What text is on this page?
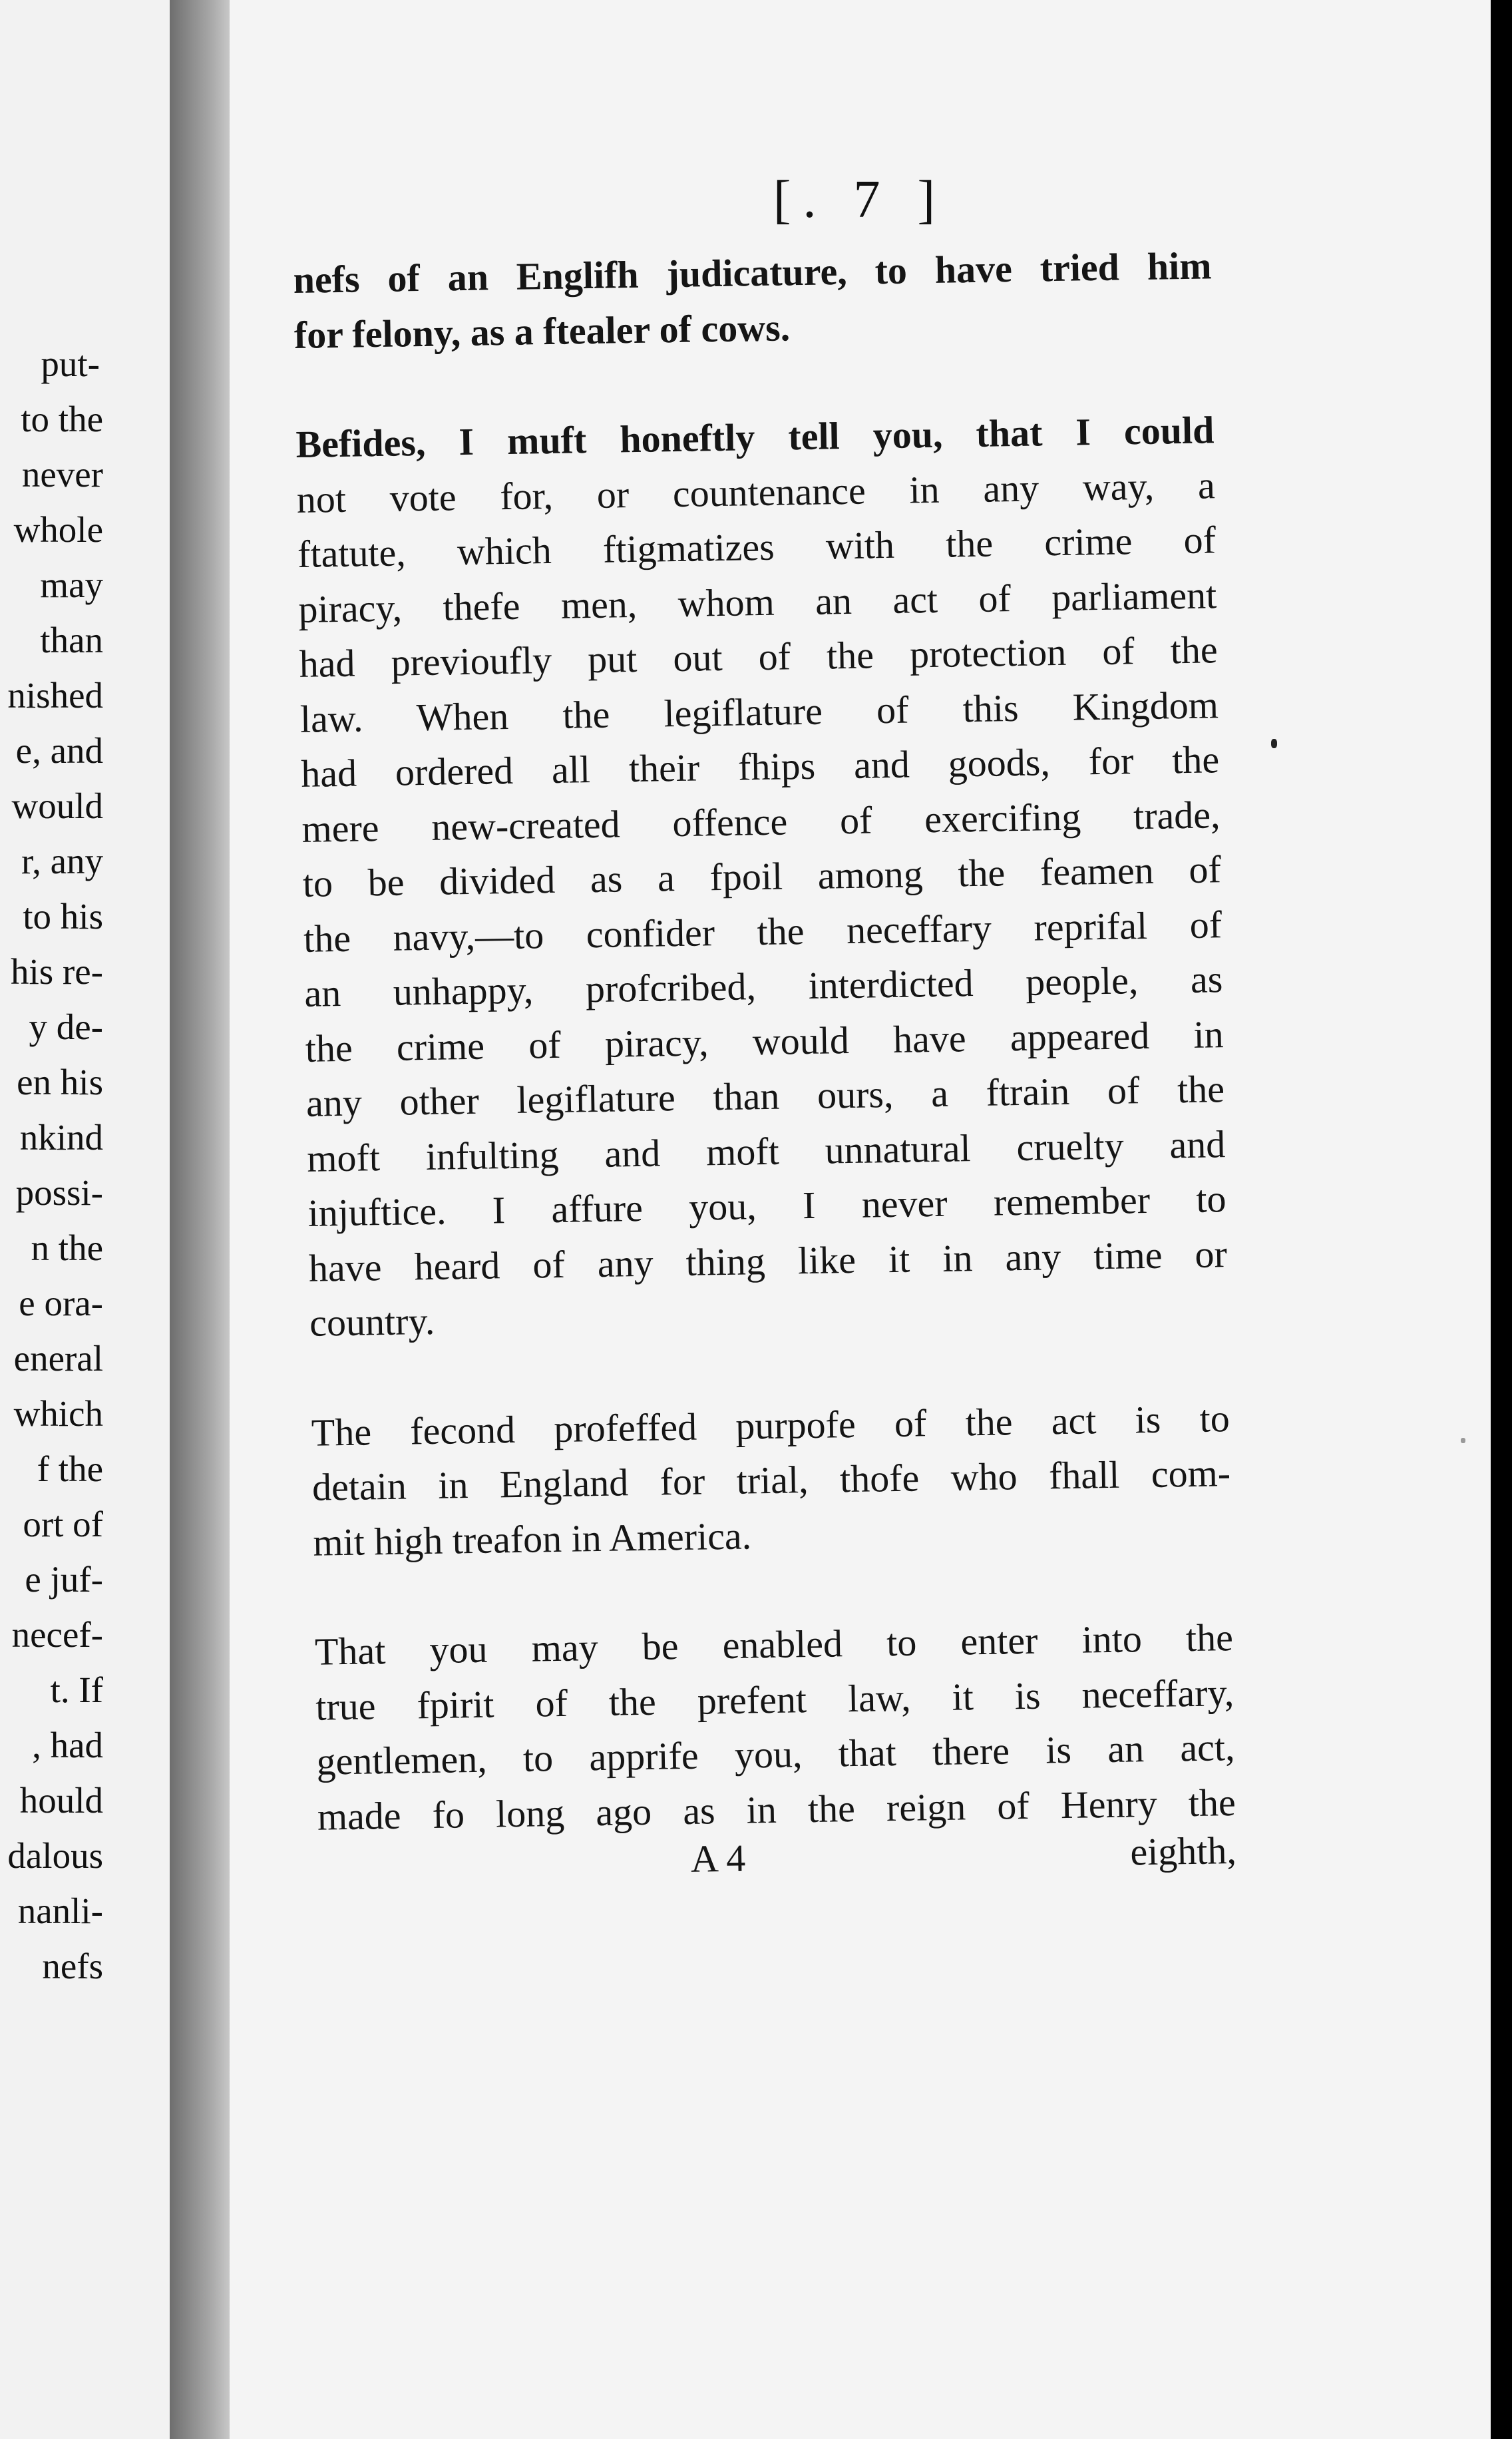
put-
to the
never
whole
may
than
nished
e, and
would
r, any
to his
his re-
y de-
en his
nkind
possi-
n the
e ora-
eneral
which
f the
ort of
e juf-
necef-
t. If
, had
hould
dalous
nanli-
nefs
[. 7 ]
nefs of an Englifh judicature, to have tried him
for felony, as a ftealer of cows.
Befides, I muft honeftly tell you, that I could
not vote for, or countenance in any way, a
ftatute, which ftigmatizes with the crime of
piracy, thefe men, whom an act of parliament
had previoufly put out of the protection of the
law. When the legiflature of this Kingdom
had ordered all their fhips and goods, for the
mere new-created offence of exercifing trade,
to be divided as a fpoil among the feamen of
the navy,—to confider the neceffary reprifal of
an unhappy, profcribed, interdicted people, as
the crime of piracy, would have appeared in
any other legiflature than ours, a ftrain of the
moft infulting and moft unnatural cruelty and
injuftice. I affure you, I never remember to
have heard of any thing like it in any time or
country.
The fecond profeffed purpofe of the act is to
detain in England for trial, thofe who fhall com-
mit high treafon in America.
That you may be enabled to enter into the
true fpirit of the prefent law, it is neceffary,
gentlemen, to apprife you, that there is an act,
made fo long ago as in the reign of Henry the
A 4	eighth,
